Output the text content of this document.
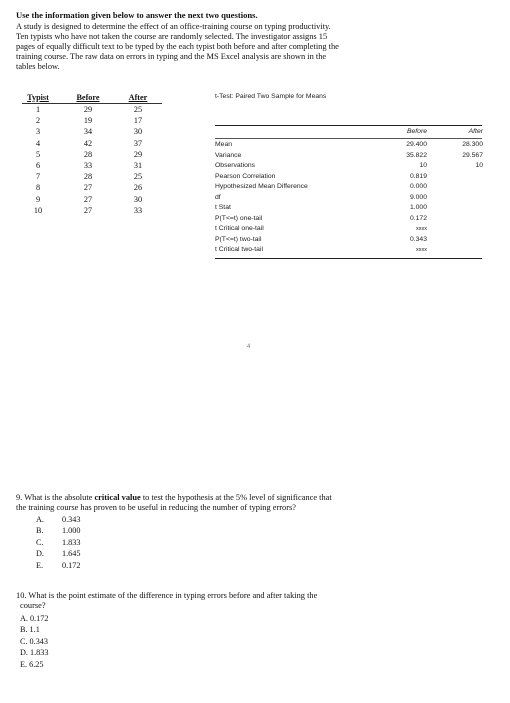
Use the information given below to answer the next two questions.
A study is designed to determine the effect of an office-training course on typing productivity.
Ten typists who have not taken the course are randomly selected. The investigator assigns 15
pages of equally difficult text to be typed by the each typist both before and after completing the
training course. The raw data on errors in typing and the MS Excel analysis are shown in the
tables below.
Typist	Before	After
1	29	25
2	19	17
3	34	30
4	42	37
5	28	29
6	33	31
7	28	25
8	27	26
9	27	30
10	27	33
t-Test: Paired Two Sample for Means
Before	After
Mean	29.400	28.300
Variance	35.822	29.567
Observations	10	10
Pearson Correlation	0.819
Hypothesized Mean Difference	0.000
df	9.000
t Stat	1.000
P(T<=t) one-tail	0.172
t Critical one-tail	xxxx
P(T<=t) two-tail	0.343
t Critical two-tail	xxxx
4
9. What is the absolute critical value to test the hypothesis at the 5% level of significance that
the training course has proven to be useful in reducing the number of typing errors?
A. 0.343
B. 1.000
C. 1.833
D. 1.645
E. 0.172
10. What is the point estimate of the difference in typing errors before and after taking the
course?
A. 0.172
B. 1.1
C. 0.343
D. 1.833
E. 6.25
